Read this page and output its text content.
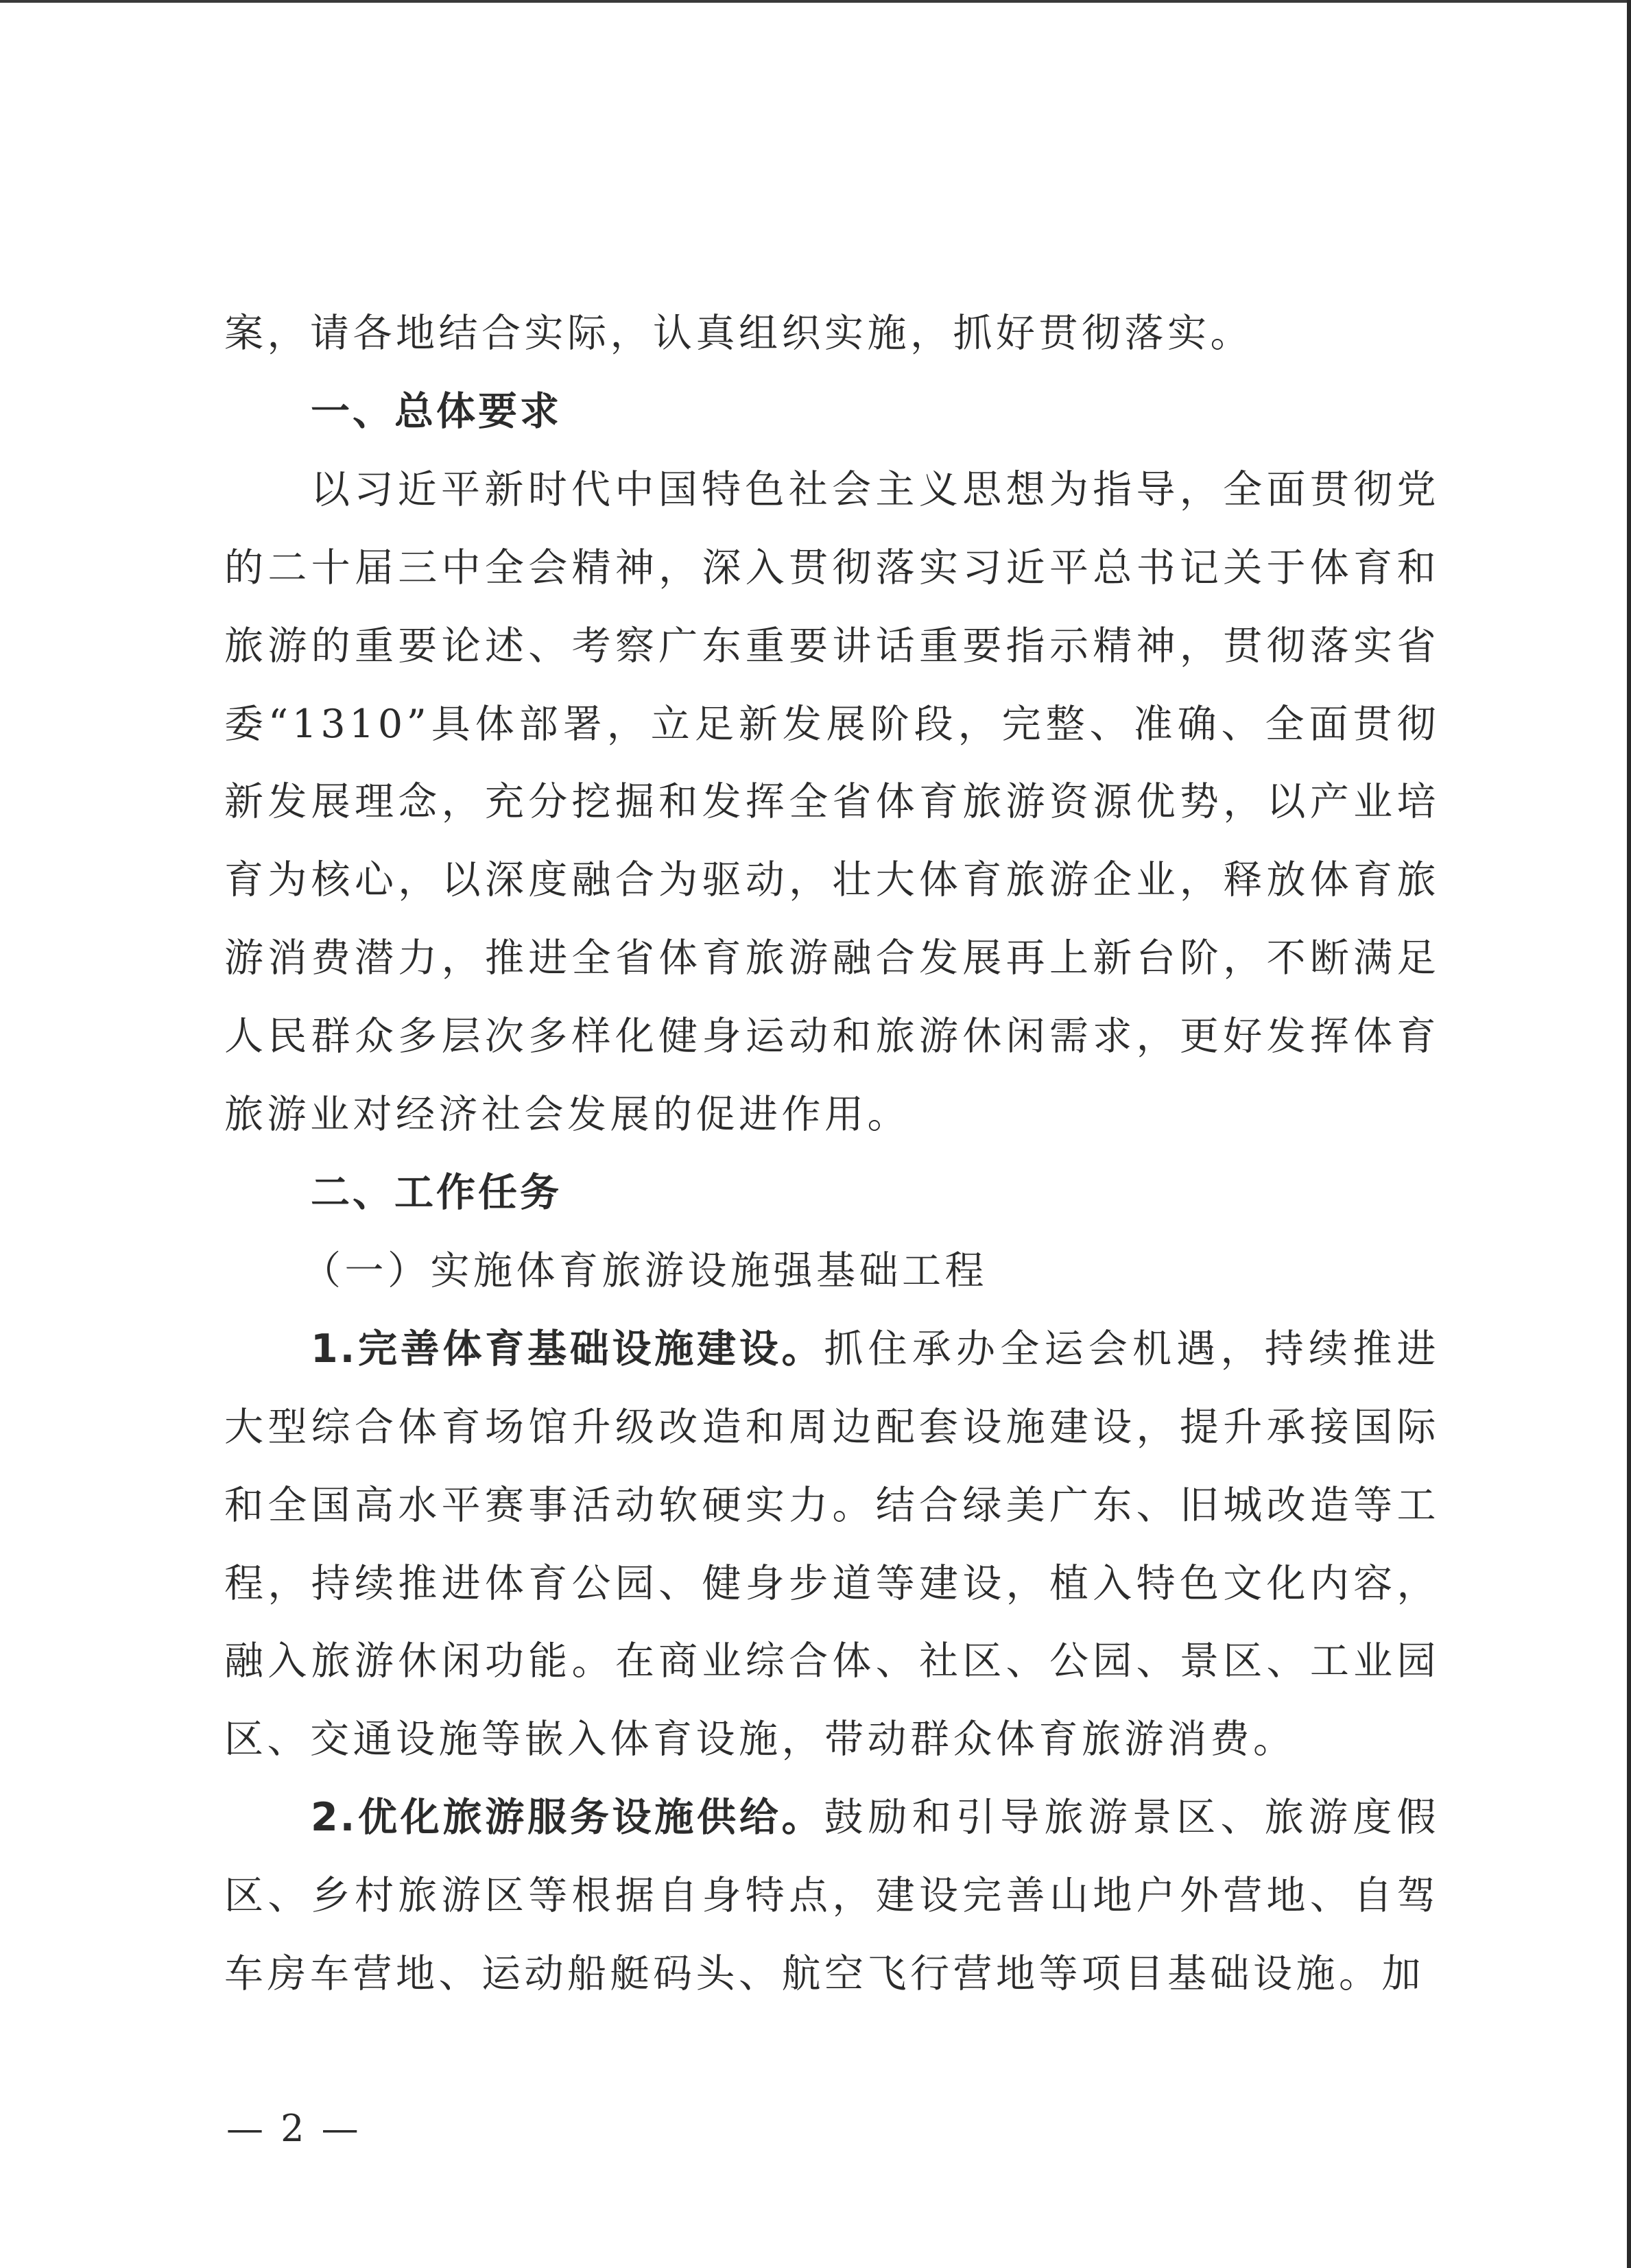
案，请各地结合实际，认真组织实施，抓好贯彻落实。

一、总体要求

以习近平新时代中国特色社会主义思想为指导，全面贯彻党的二十届三中全会精神，深入贯彻落实习近平总书记关于体育和旅游的重要论述、考察广东重要讲话重要指示精神，贯彻落实省委“1310”具体部署，立足新发展阶段，完整、准确、全面贯彻新发展理念，充分挖掘和发挥全省体育旅游资源优势，以产业培育为核心，以深度融合为驱动，壮大体育旅游企业，释放体育旅游消费潜力，推进全省体育旅游融合发展再上新台阶，不断满足人民群众多层次多样化健身运动和旅游休闲需求，更好发挥体育旅游业对经济社会发展的促进作用。

二、工作任务

（一）实施体育旅游设施强基础工程

1.完善体育基础设施建设。抓住承办全运会机遇，持续推进大型综合体育场馆升级改造和周边配套设施建设，提升承接国际和全国高水平赛事活动软硬实力。结合绿美广东、旧城改造等工程，持续推进体育公园、健身步道等建设，植入特色文化内容，融入旅游休闲功能。在商业综合体、社区、公园、景区、工业园区、交通设施等嵌入体育设施，带动群众体育旅游消费。

2.优化旅游服务设施供给。鼓励和引导旅游景区、旅游度假区、乡村旅游区等根据自身特点，建设完善山地户外营地、自驾车房车营地、运动船艇码头、航空飞行营地等项目基础设施。加

— 2 —
